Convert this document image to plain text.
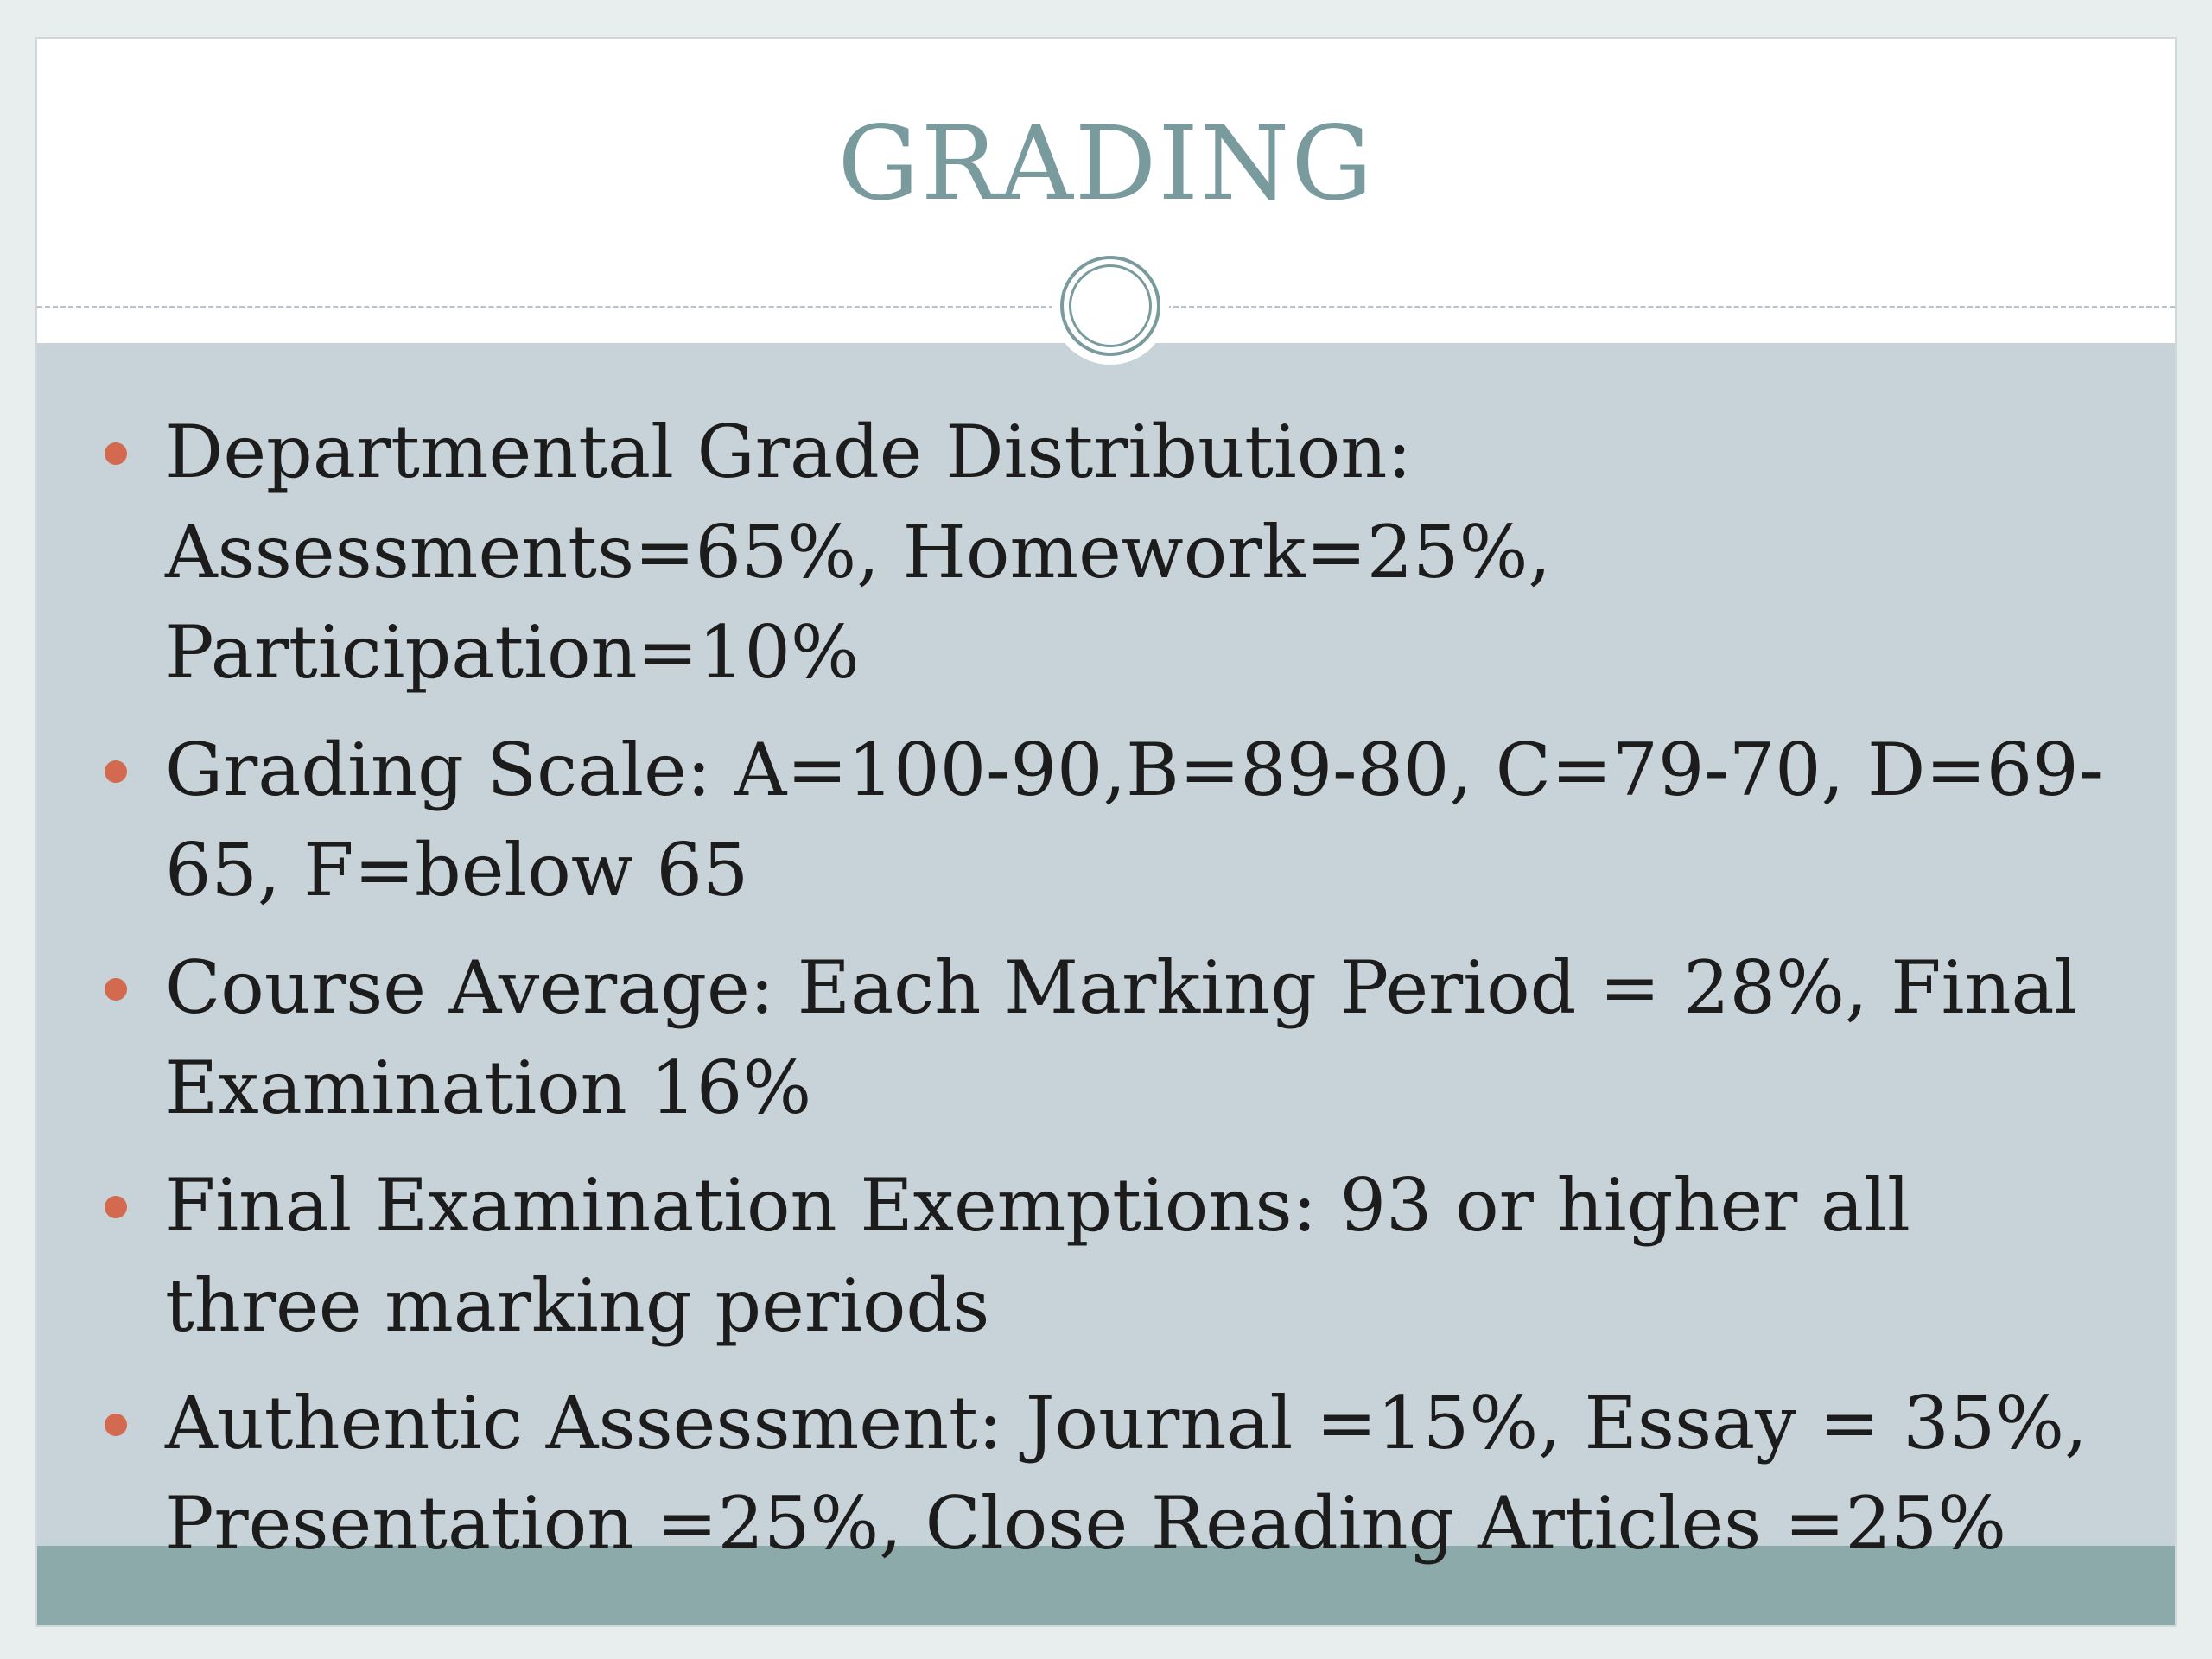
GRADING
Departmental Grade Distribution: Assessments=65%, Homework=25%, Participation=10%
Grading Scale: A=100-90,B=89-80, C=79-70, D=69-65, F=below 65
Course Average: Each Marking Period = 28%, Final Examination 16%
Final Examination Exemptions: 93 or higher all three marking periods
Authentic Assessment: Journal =15%, Essay = 35%, Presentation =25%, Close Reading Articles =25%
